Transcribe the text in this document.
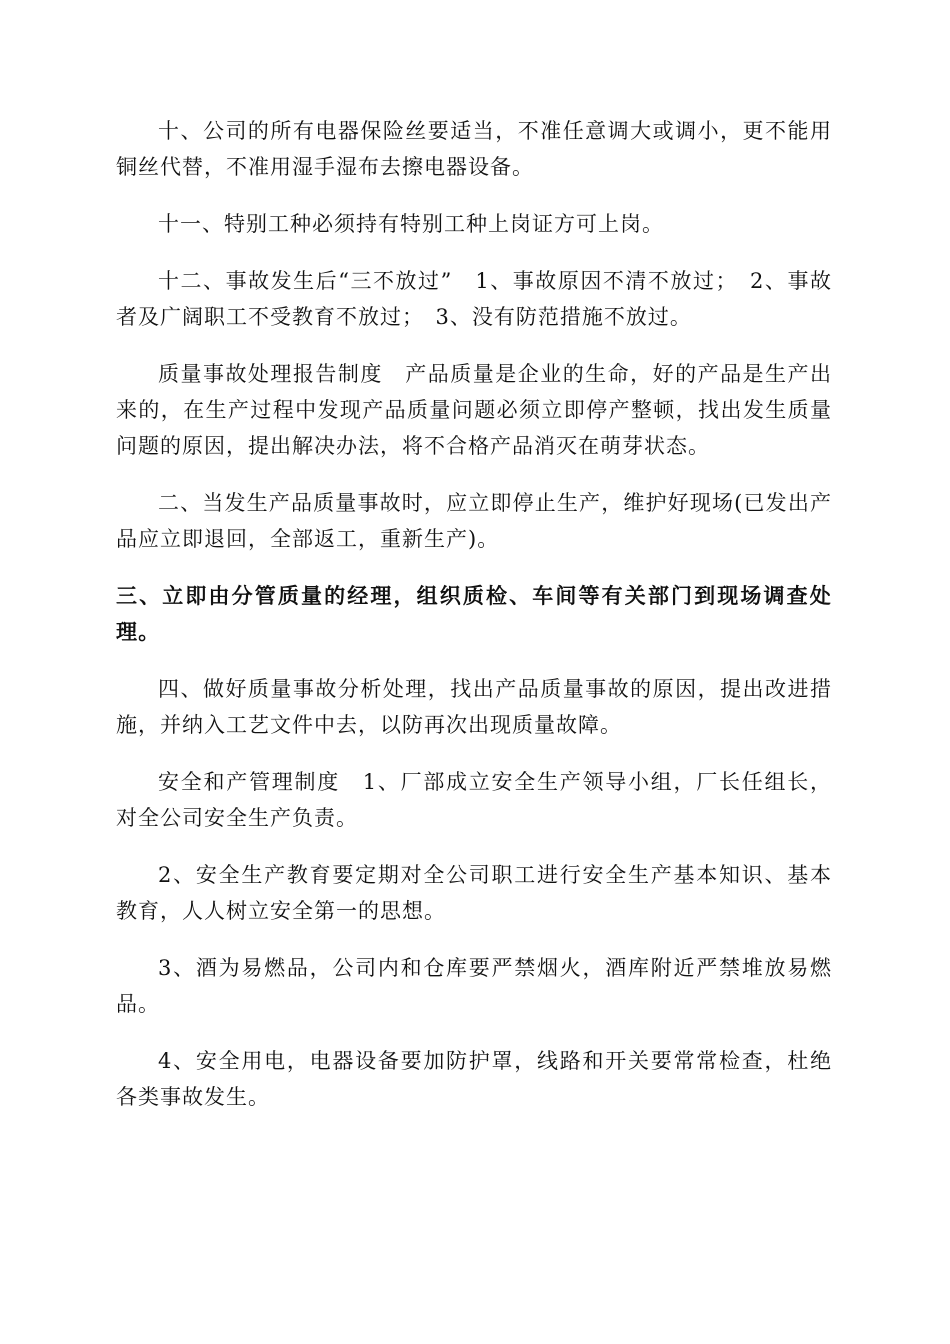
十、公司的所有电器保险丝要适当，不准任意调大或调小，更不能用铜丝代替，不准用湿手湿布去擦电器设备。

十一、特别工种必须持有特别工种上岗证方可上岗。

十二、事故发生后“三不放过”　1、事故原因不清不放过；　2、事故者及广阔职工不受教育不放过；　3、没有防范措施不放过。

质量事故处理报告制度　产品质量是企业的生命，好的产品是生产出来的，在生产过程中发现产品质量问题必须立即停产整顿，找出发生质量问题的原因，提出解决办法，将不合格产品消灭在萌芽状态。

二、当发生产品质量事故时，应立即停止生产，维护好现场(已发出产品应立即退回，全部返工，重新生产)。

三、立即由分管质量的经理，组织质检、车间等有关部门到现场调查处理。

四、做好质量事故分析处理，找出产品质量事故的原因，提出改进措施，并纳入工艺文件中去，以防再次出现质量故障。

安全和产管理制度　1、厂部成立安全生产领导小组，厂长任组长，对全公司安全生产负责。

2、安全生产教育要定期对全公司职工进行安全生产基本知识、基本教育，人人树立安全第一的思想。

3、酒为易燃品，公司内和仓库要严禁烟火，酒库附近严禁堆放易燃品。

4、安全用电，电器设备要加防护罩，线路和开关要常常检查，杜绝各类事故发生。
